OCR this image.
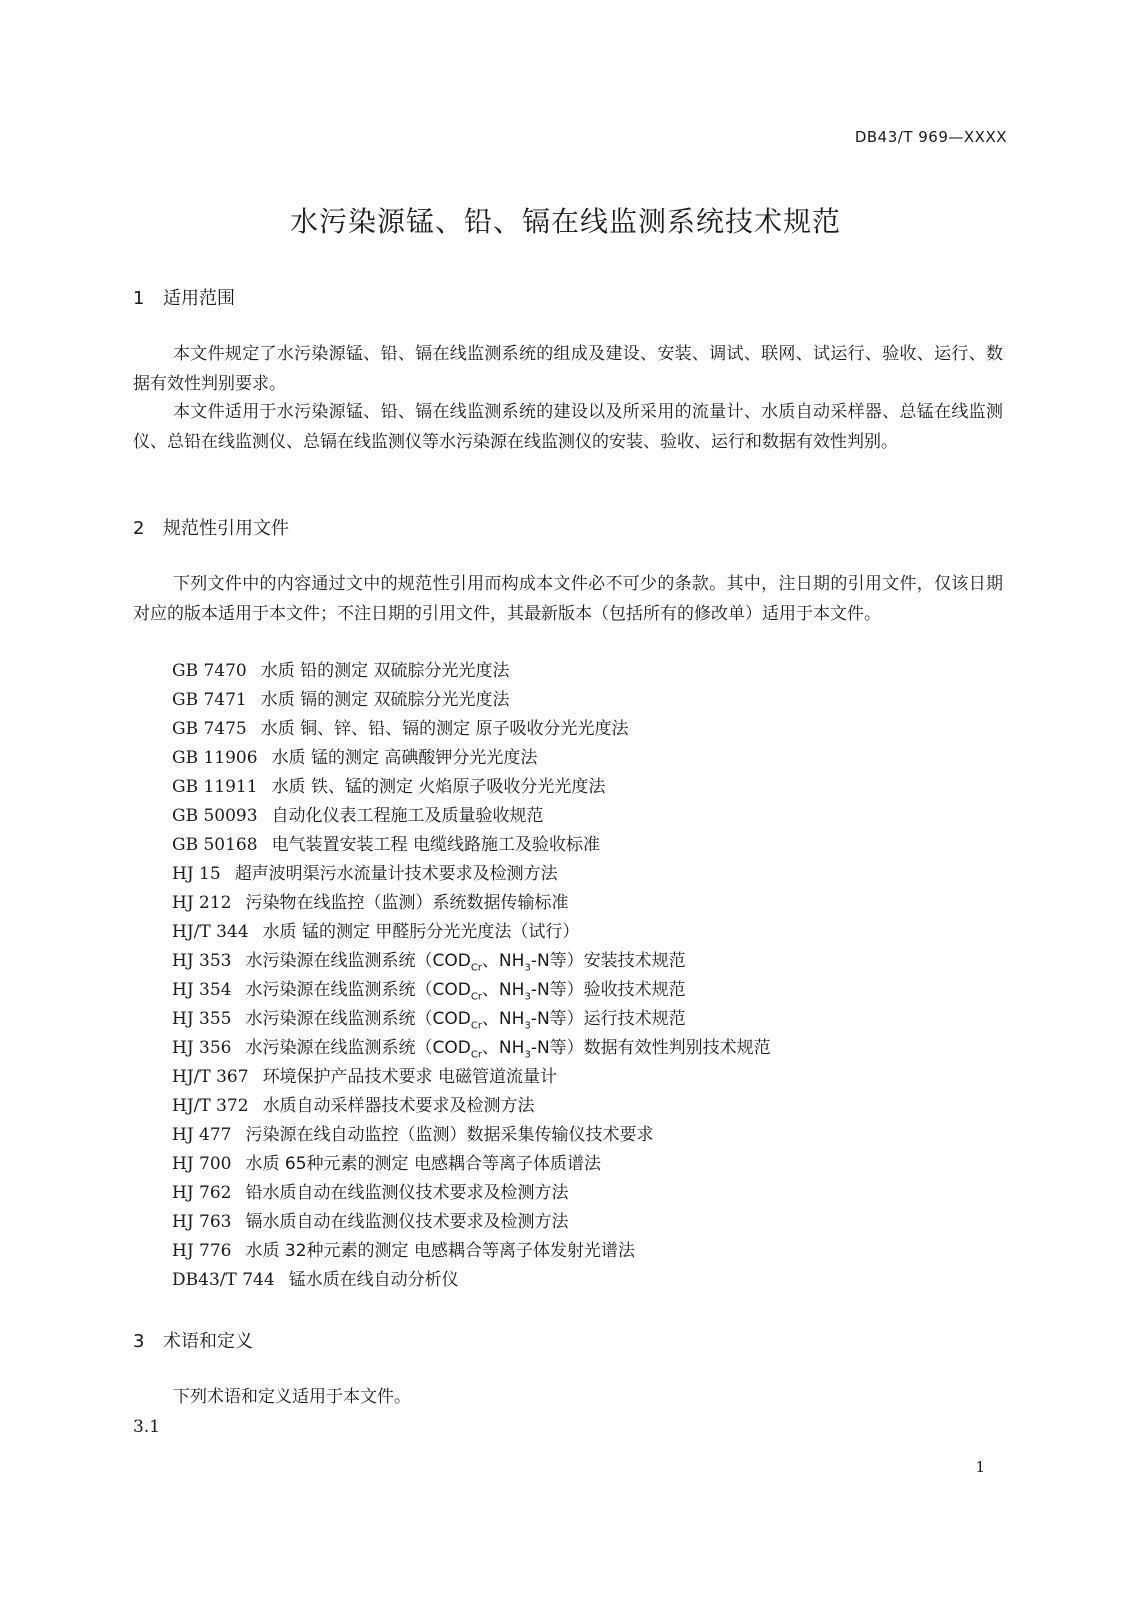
DB43/T 969—XXXX
水污染源锰、铅、镉在线监测系统技术规范
1 适用范围
本文件规定了水污染源锰、铅、镉在线监测系统的组成及建设、安装、调试、联网、试运行、验收、运行、数据有效性判别要求。
本文件适用于水污染源锰、铅、镉在线监测系统的建设以及所采用的流量计、水质自动采样器、总锰在线监测仪、总铅在线监测仪、总镉在线监测仪等水污染源在线监测仪的安装、验收、运行和数据有效性判别。
2 规范性引用文件
下列文件中的内容通过文中的规范性引用而构成本文件必不可少的条款。其中，注日期的引用文件，仅该日期对应的版本适用于本文件；不注日期的引用文件，其最新版本（包括所有的修改单）适用于本文件。
GB 7470 水质 铅的测定 双硫腙分光光度法
GB 7471 水质 镉的测定 双硫腙分光光度法
GB 7475 水质 铜、锌、铅、镉的测定 原子吸收分光光度法
GB 11906 水质 锰的测定 高碘酸钾分光光度法
GB 11911 水质 铁、锰的测定 火焰原子吸收分光光度法
GB 50093 自动化仪表工程施工及质量验收规范
GB 50168 电气装置安装工程 电缆线路施工及验收标准
HJ 15 超声波明渠污水流量计技术要求及检测方法
HJ 212 污染物在线监控（监测）系统数据传输标准
HJ/T 344 水质 锰的测定 甲醛肟分光光度法（试行）
HJ 353 水污染源在线监测系统（$COD_{Cr}$、$NH_3-N$等）安装技术规范
HJ 354 水污染源在线监测系统（$COD_{Cr}$、$NH_3-N$等）验收技术规范
HJ 355 水污染源在线监测系统（$COD_{Cr}$、$NH_3-N$等）运行技术规范
HJ 356 水污染源在线监测系统（$COD_{Cr}$、$NH_3-N$等）数据有效性判别技术规范
HJ/T 367 环境保护产品技术要求 电磁管道流量计
HJ/T 372 水质自动采样器技术要求及检测方法
HJ 477 污染源在线自动监控（监测）数据采集传输仪技术要求
HJ 700 水质 65种元素的测定 电感耦合等离子体质谱法
HJ 762 铅水质自动在线监测仪技术要求及检测方法
HJ 763 镉水质自动在线监测仪技术要求及检测方法
HJ 776 水质 32种元素的测定 电感耦合等离子体发射光谱法
DB43/T 744 锰水质在线自动分析仪
3 术语和定义
下列术语和定义适用于本文件。
3.1
1
